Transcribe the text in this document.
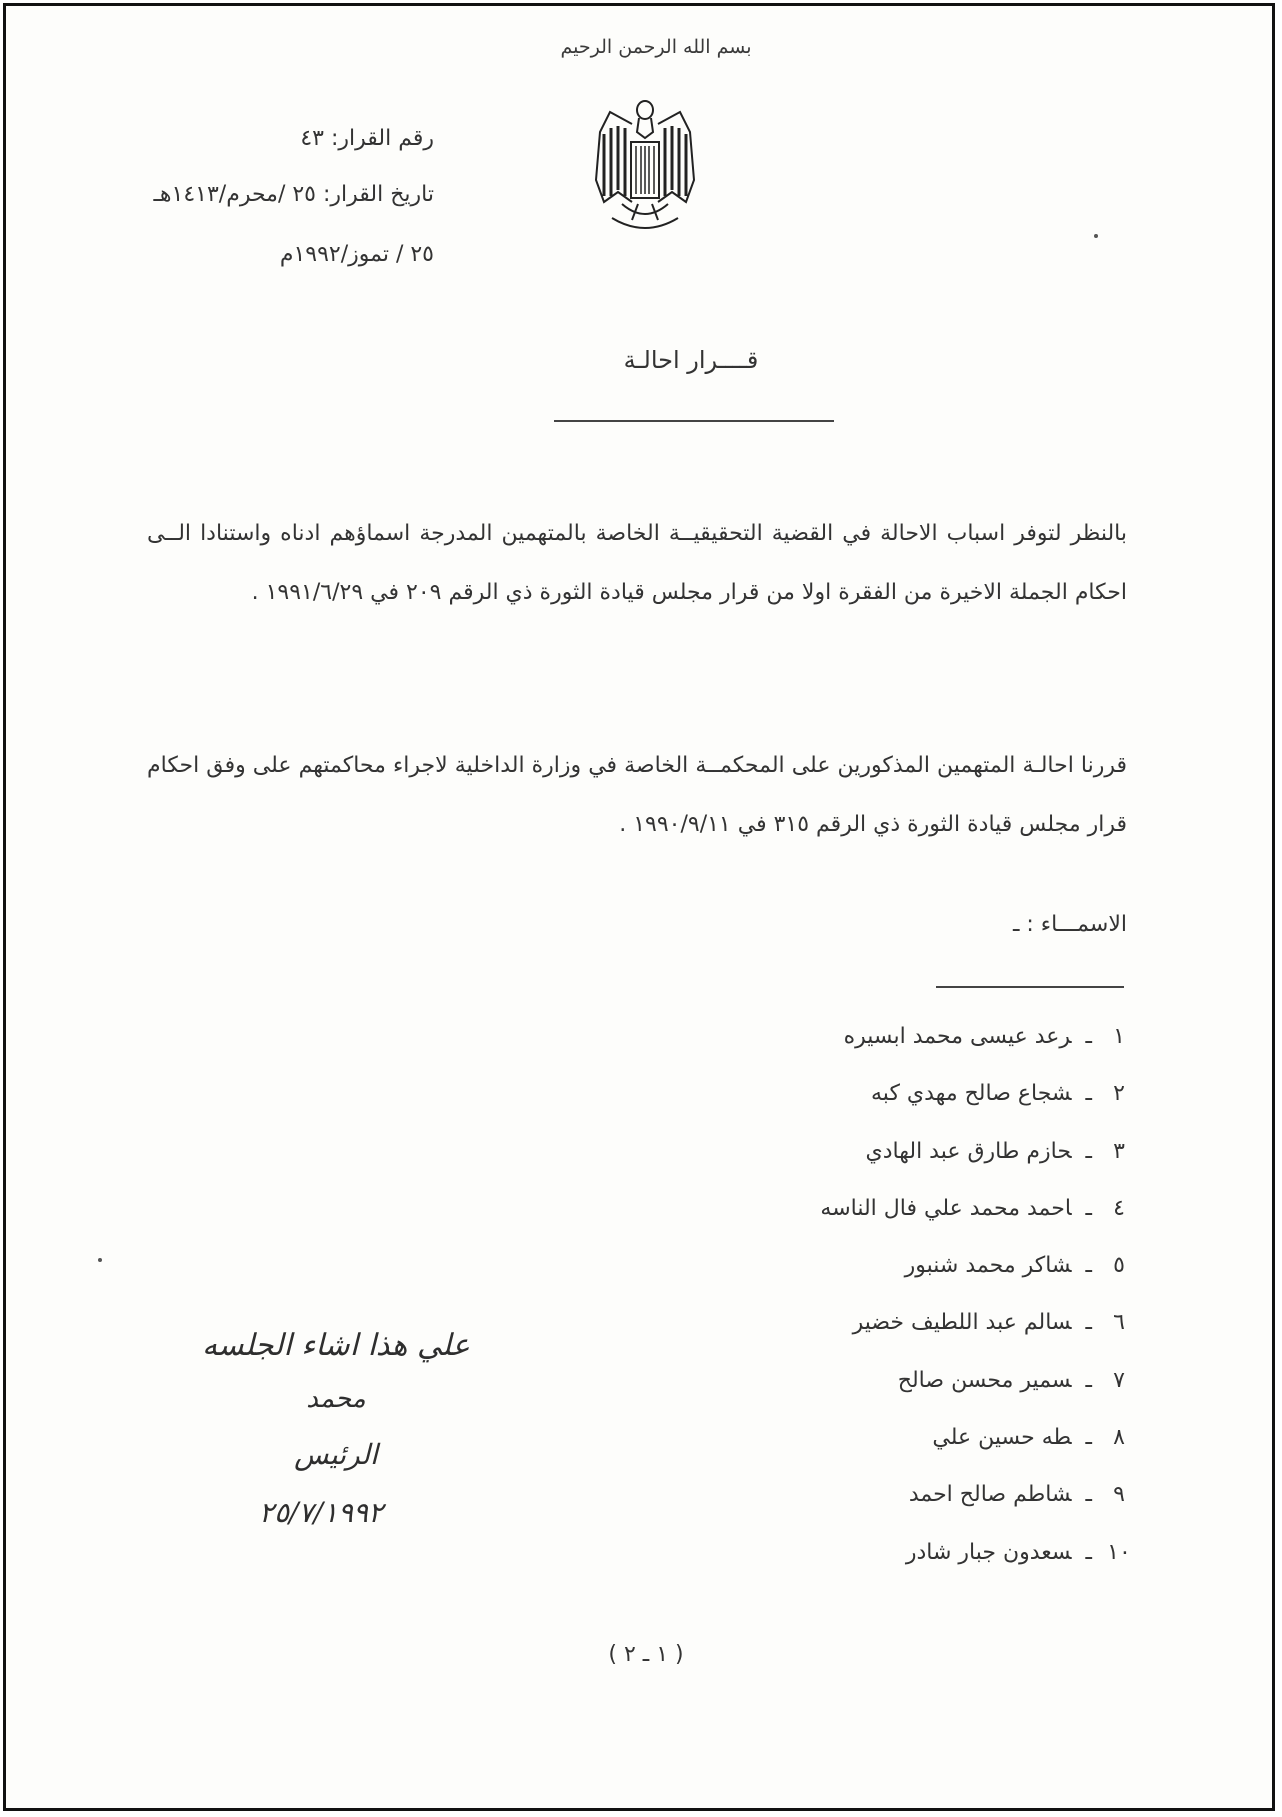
بسم الله الرحمن الرحيم
رقم القرار: ٤٣
تاريخ القرار: ٢٥ /محرم/١٤١٣هـ
٢٥ / تموز/١٩٩٢م
قــــرار احالـة
بالنظر لتوفر اسباب الاحالة في القضية التحقيقيــة الخاصة بالمتهمين المدرجة اسماؤهم ادناه واستنادا الــى احكام الجملة الاخيرة من الفقرة اولا من قرار مجلس قيادة الثورة ذي الرقم ٢٠٩ في ١٩٩١/٦/٢٩ .
قررنا احالـة المتهمين المذكورين على المحكمــة الخاصة في وزارة الداخلية لاجراء محاكمتهم على وفق احكام قرار مجلس قيادة الثورة ذي الرقم ٣١٥ في ١٩٩٠/٩/١١ .
الاسمـــاء : ـ
١ـرعد عيسى محمد ابسيره
٢ـشجاع صالح مهدي كبه
٣ـحازم طارق عبد الهادي
٤ـاحمد محمد علي فال الناسه
٥ـشاكر محمد شنبور
٦ـسالم عبد اللطيف خضير
٧ـسمير محسن صالح
٨ـطه حسين علي
٩ـشاطم صالح احمد
١٠ـسعدون جبار شادر
علي هذا اشاء الجلسه
محمد
الرئيس
٢٥/٧/١٩٩٢
( ١ ـ ٢ )
